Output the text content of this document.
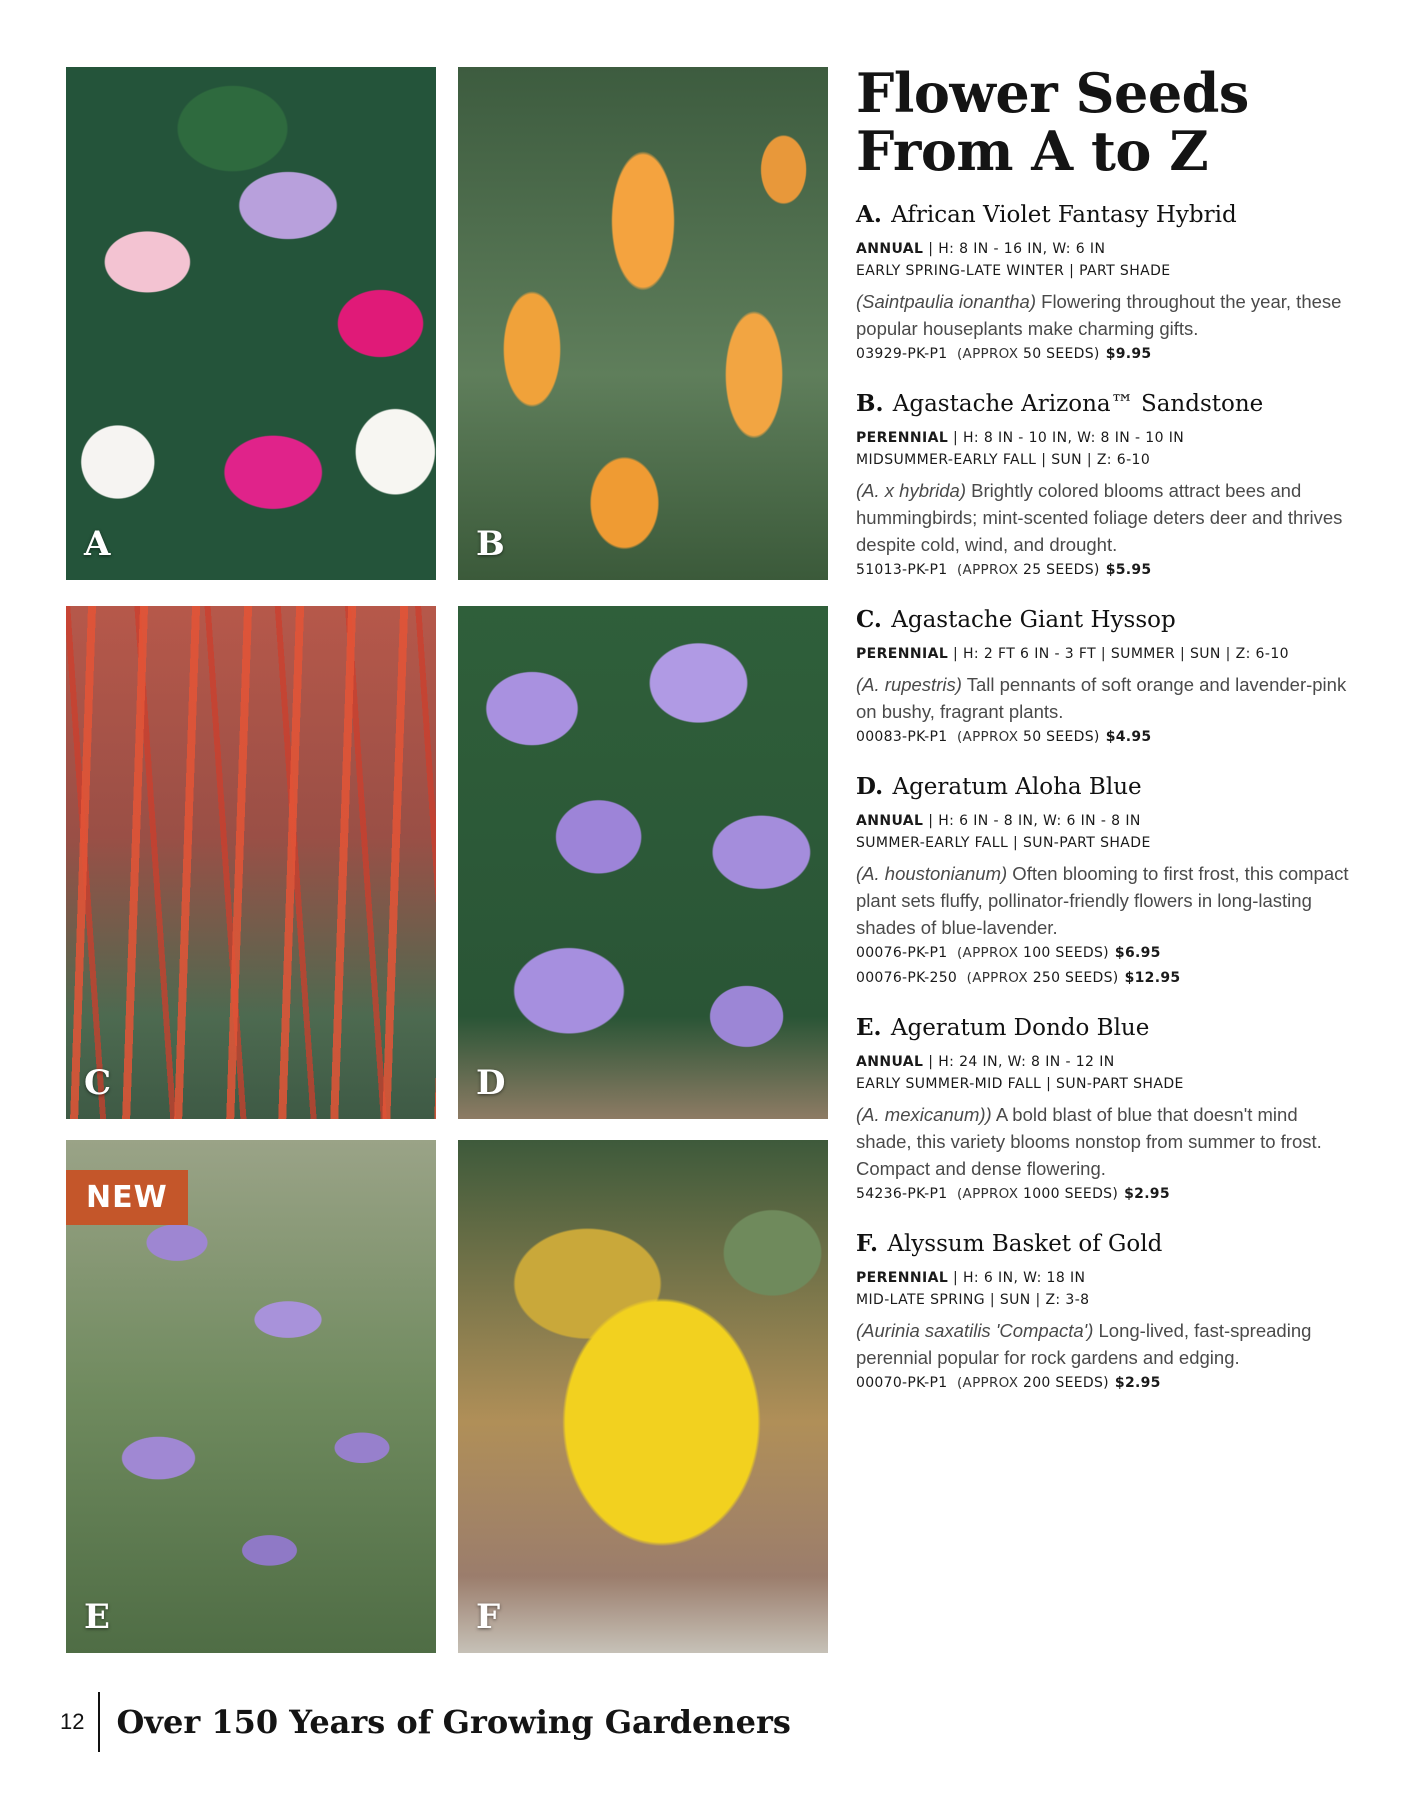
A	B
C	D
NEW
E	F
Flower Seeds
From A to Z
A. African Violet Fantasy Hybrid
ANNUAL | H: 8 IN - 16 IN, W: 6 IN
EARLY SPRING-LATE WINTER | PART SHADE
(Saintpaulia ionantha) Flowering throughout the year, these popular houseplants make charming gifts.
03929-PK-P1 (APPROX 50 SEEDS) $9.95
B. Agastache Arizona™ Sandstone
PERENNIAL | H: 8 IN - 10 IN, W: 8 IN - 10 IN
MIDSUMMER-EARLY FALL | SUN | Z: 6-10
(A. x hybrida) Brightly colored blooms attract bees and hummingbirds; mint-scented foliage deters deer and thrives despite cold, wind, and drought.
51013-PK-P1 (APPROX 25 SEEDS) $5.95
C. Agastache Giant Hyssop
PERENNIAL | H: 2 FT 6 IN - 3 FT | SUMMER | SUN | Z: 6-10
(A. rupestris) Tall pennants of soft orange and lavender-pink on bushy, fragrant plants.
00083-PK-P1 (APPROX 50 SEEDS) $4.95
D. Ageratum Aloha Blue
ANNUAL | H: 6 IN - 8 IN, W: 6 IN - 8 IN
SUMMER-EARLY FALL | SUN-PART SHADE
(A. houstonianum) Often blooming to first frost, this compact plant sets fluffy, pollinator-friendly flowers in long-lasting shades of blue-lavender.
00076-PK-P1 (APPROX 100 SEEDS) $6.95
00076-PK-250 (APPROX 250 SEEDS) $12.95
E. Ageratum Dondo Blue
ANNUAL | H: 24 IN, W: 8 IN - 12 IN
EARLY SUMMER-MID FALL | SUN-PART SHADE
(A. mexicanum)) A bold blast of blue that doesn't mind shade, this variety blooms nonstop from summer to frost. Compact and dense flowering.
54236-PK-P1 (APPROX 1000 SEEDS) $2.95
F. Alyssum Basket of Gold
PERENNIAL | H: 6 IN, W: 18 IN
MID-LATE SPRING | SUN | Z: 3-8
(Aurinia saxatilis 'Compacta') Long-lived, fast-spreading perennial popular for rock gardens and edging.
00070-PK-P1 (APPROX 200 SEEDS) $2.95
12	Over 150 Years of Growing Gardeners
